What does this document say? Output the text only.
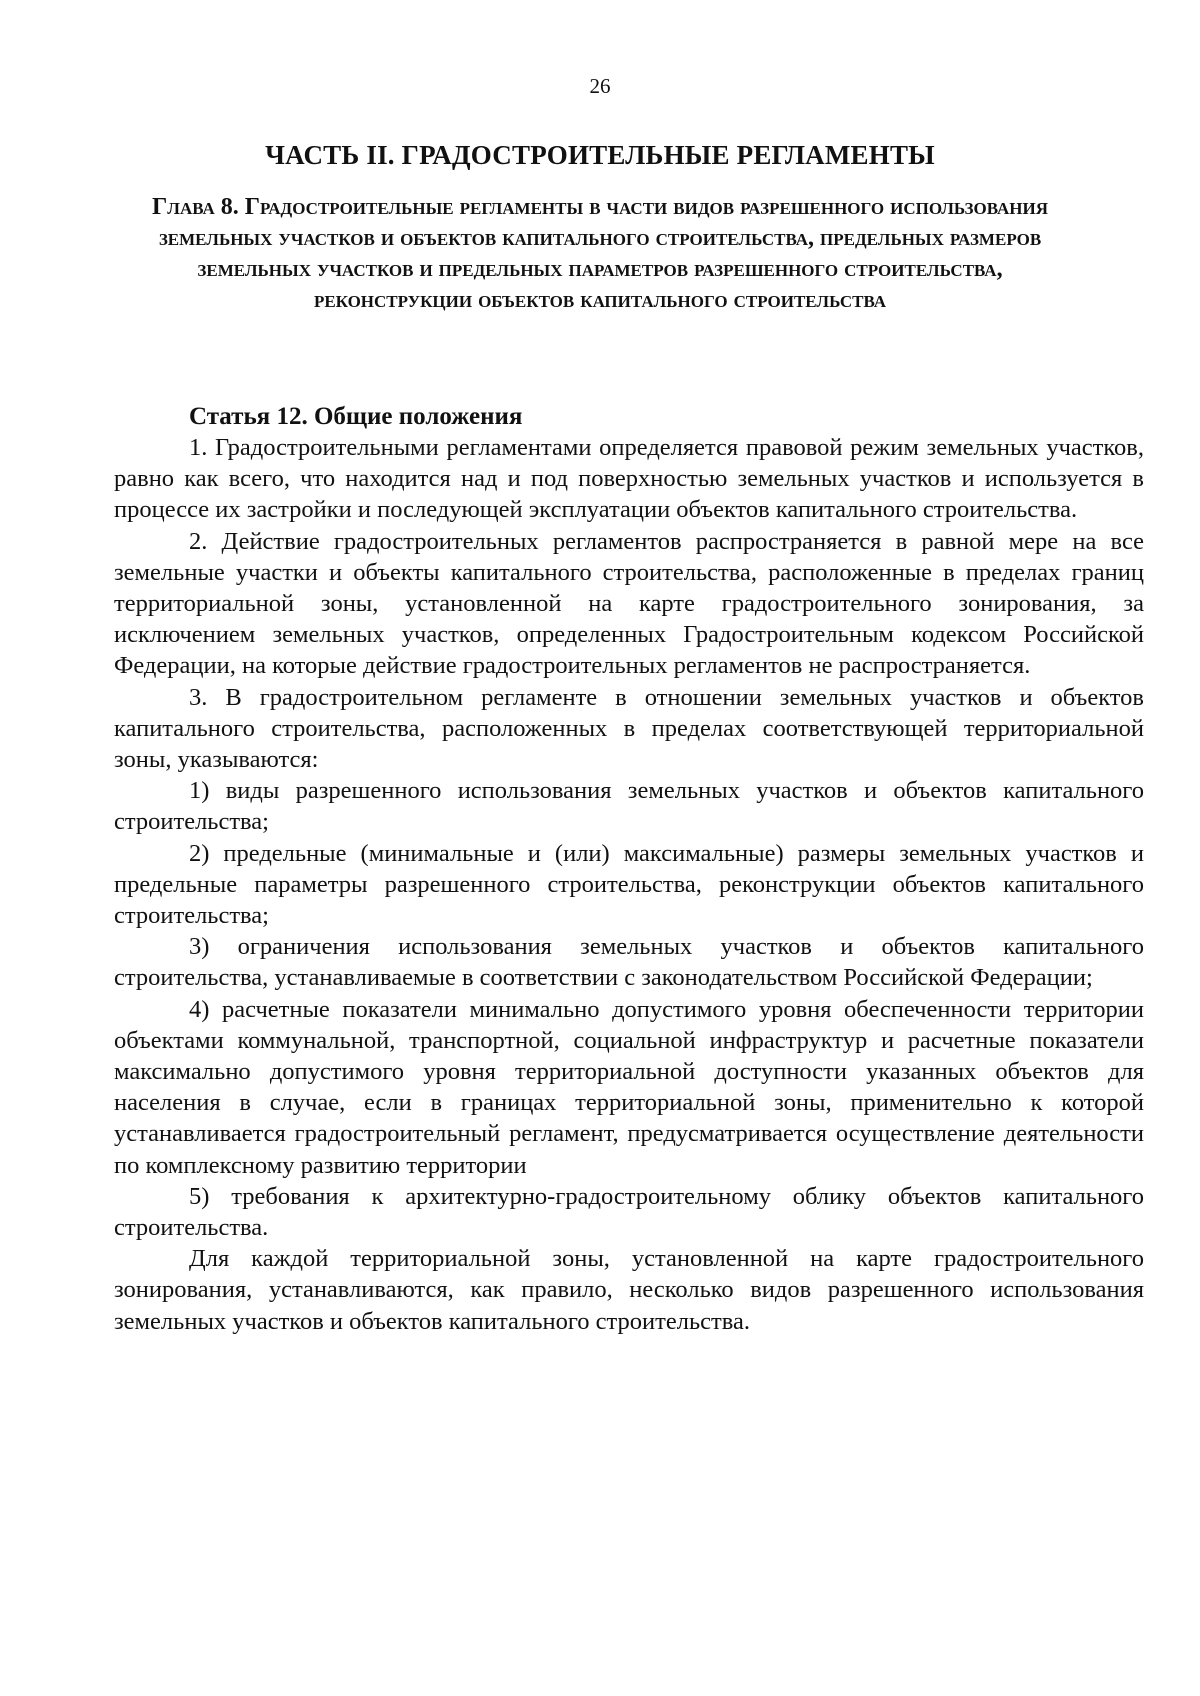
26
ЧАСТЬ II. ГРАДОСТРОИТЕЛЬНЫЕ РЕГЛАМЕНТЫ
Глава 8. Градостроительные регламенты в части видов разрешенного использования земельных участков и объектов капитального строительства, предельных размеров земельных участков и предельных параметров разрешенного строительства, реконструкции объектов капитального строительства

Статья 12. Общие положения

1. Градостроительными регламентами определяется правовой режим земельных участков, равно как всего, что находится над и под поверхностью земельных участков и используется в процессе их застройки и последующей эксплуатации объектов капитального строительства.

2. Действие градостроительных регламентов распространяется в равной мере на все земельные участки и объекты капитального строительства, расположенные в пределах границ территориальной зоны, установленной на карте градостроительного зонирования, за исключением земельных участков, определенных Градостроительным кодексом Российской Федерации, на которые действие градостроительных регламентов не распространяется.

3. В градостроительном регламенте в отношении земельных участков и объектов капитального строительства, расположенных в пределах соответствующей территориальной зоны, указываются:

1) виды разрешенного использования земельных участков и объектов капитального строительства;

2) предельные (минимальные и (или) максимальные) размеры земельных участков и предельные параметры разрешенного строительства, реконструкции объектов капитального строительства;

3) ограничения использования земельных участков и объектов капитального строительства, устанавливаемые в соответствии с законодательством Российской Федерации;

4) расчетные показатели минимально допустимого уровня обеспеченности территории объектами коммунальной, транспортной, социальной инфраструктур и расчетные показатели максимально допустимого уровня территориальной доступности указанных объектов для населения в случае, если в границах территориальной зоны, применительно к которой устанавливается градостроительный регламент, предусматривается осуществление деятельности по комплексному развитию территории

5) требования к архитектурно-градостроительному облику объектов капитального строительства.

Для каждой территориальной зоны, установленной на карте градостроительного зонирования, устанавливаются, как правило, несколько видов разрешенного использования земельных участков и объектов капитального строительства.
